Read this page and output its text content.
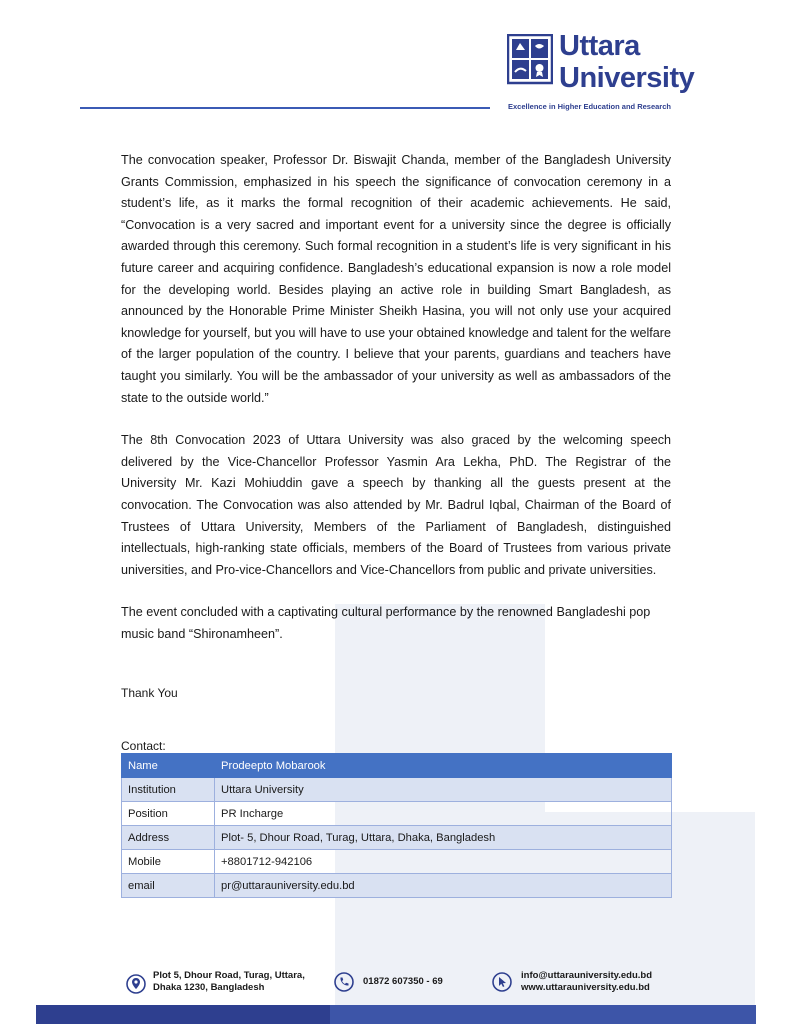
Uttara
University
Excellence in Higher Education and Research

The convocation speaker, Professor Dr. Biswajit Chanda, member of the Bangladesh University Grants Commission, emphasized in his speech the significance of convocation ceremony in a student’s life, as it marks the formal recognition of their academic achievements. He said, “Convocation is a very sacred and important event for a university since the degree is officially awarded through this ceremony. Such formal recognition in a student’s life is very significant in his future career and acquiring confidence. Bangladesh’s educational expansion is now a role model for the developing world. Besides playing an active role in building Smart Bangladesh, as announced by the Honorable Prime Minister Sheikh Hasina, you will not only use your acquired knowledge for yourself, but you will have to use your obtained knowledge and talent for the welfare of the larger population of the country. I believe that your parents, guardians and teachers have taught you similarly. You will be the ambassador of your university as well as ambassadors of the state to the outside world.”

The 8th Convocation 2023 of Uttara University was also graced by the welcoming speech delivered by the Vice-Chancellor Professor Yasmin Ara Lekha, PhD. The Registrar of the University Mr. Kazi Mohiuddin gave a speech by thanking all the guests present at the convocation. The Convocation was also attended by Mr. Badrul Iqbal, Chairman of the Board of Trustees of Uttara University, Members of the Parliament of Bangladesh, distinguished intellectuals, high-ranking state officials, members of the Board of Trustees from various private universities, and Pro-vice-Chancellors and Vice-Chancellors from public and private universities.

The event concluded with a captivating cultural performance by the renowned Bangladeshi pop music band “Shironamheen”.

Thank You
Contact:
Name	Prodeepto Mobarook
Institution	Uttara University
Position	PR Incharge
Address	Plot- 5, Dhour Road, Turag, Uttara, Dhaka, Bangladesh
Mobile	+8801712-942106
email	pr@uttarauniversity.edu.bd
Plot 5, Dhour Road, Turag, Uttara,
Dhaka 1230, Bangladesh
01872 607350 - 69
info@uttarauniversity.edu.bd
www.uttarauniversity.edu.bd
